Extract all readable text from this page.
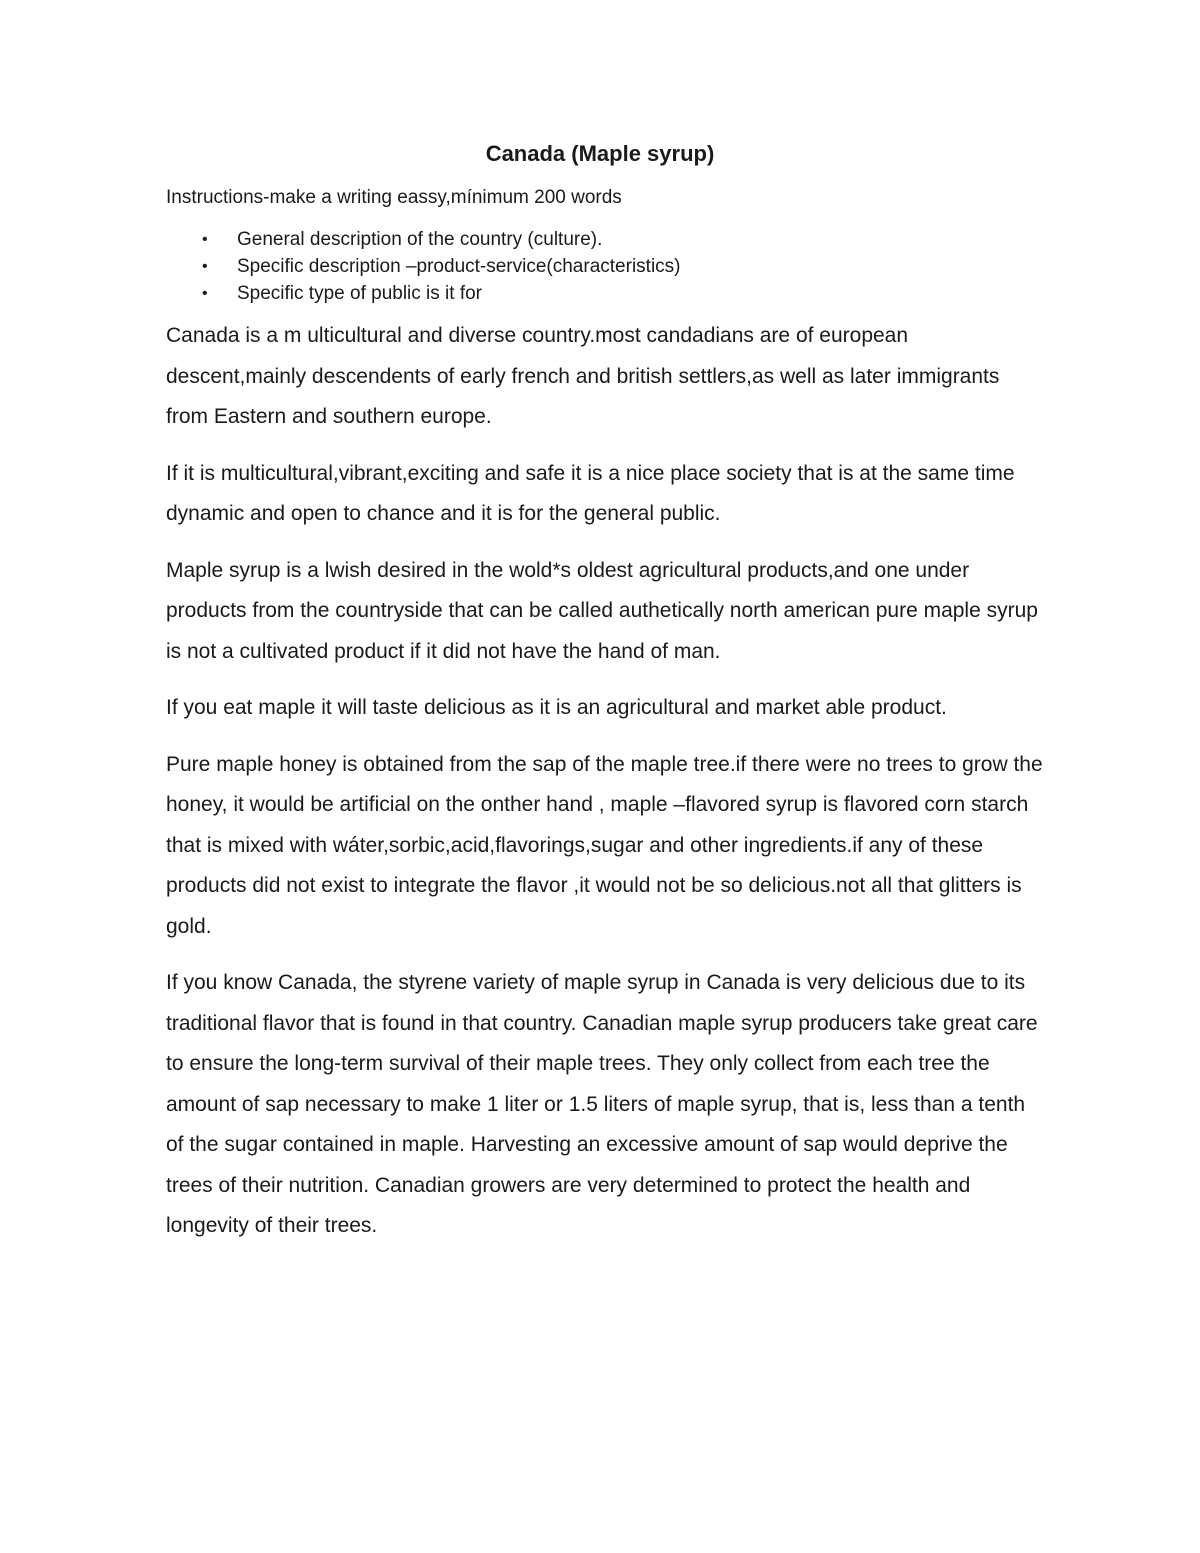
Canada (Maple syrup)

Instructions-make a writing eassy,mínimum 200 words

• General description of the country (culture).
• Specific description –product-service(characteristics)
• Specific type of public is it for

Canada is a m ulticultural and diverse country.most candadians are of european descent,mainly descendents of early french and british settlers,as well as later immigrants from Eastern and southern europe.

If it is multicultural,vibrant,exciting and safe it is a nice place society that is at the same time dynamic and open to chance and it is for the general public.

Maple syrup is a lwish desired in the wold*s oldest agricultural products,and one under products from the countryside that can be called authetically north american pure maple syrup is not a cultivated product if it did not have the hand of man.

If you eat maple it will taste delicious as it is an agricultural and market able product.

Pure maple honey is obtained from the sap of the maple tree.if there were no trees to grow the honey, it would be artificial on the onther hand , maple –flavored syrup is flavored corn starch that is mixed with wáter,sorbic,acid,flavorings,sugar and other ingredients.if any of these products did not exist to integrate the flavor ,it would not be so delicious.not all that glitters is gold.

If you know Canada, the styrene variety of maple syrup in Canada is very delicious due to its traditional flavor that is found in that country. Canadian maple syrup producers take great care to ensure the long-term survival of their maple trees. They only collect from each tree the amount of sap necessary to make 1 liter or 1.5 liters of maple syrup, that is, less than a tenth of the sugar contained in maple. Harvesting an excessive amount of sap would deprive the trees of their nutrition. Canadian growers are very determined to protect the health and longevity of their trees.
